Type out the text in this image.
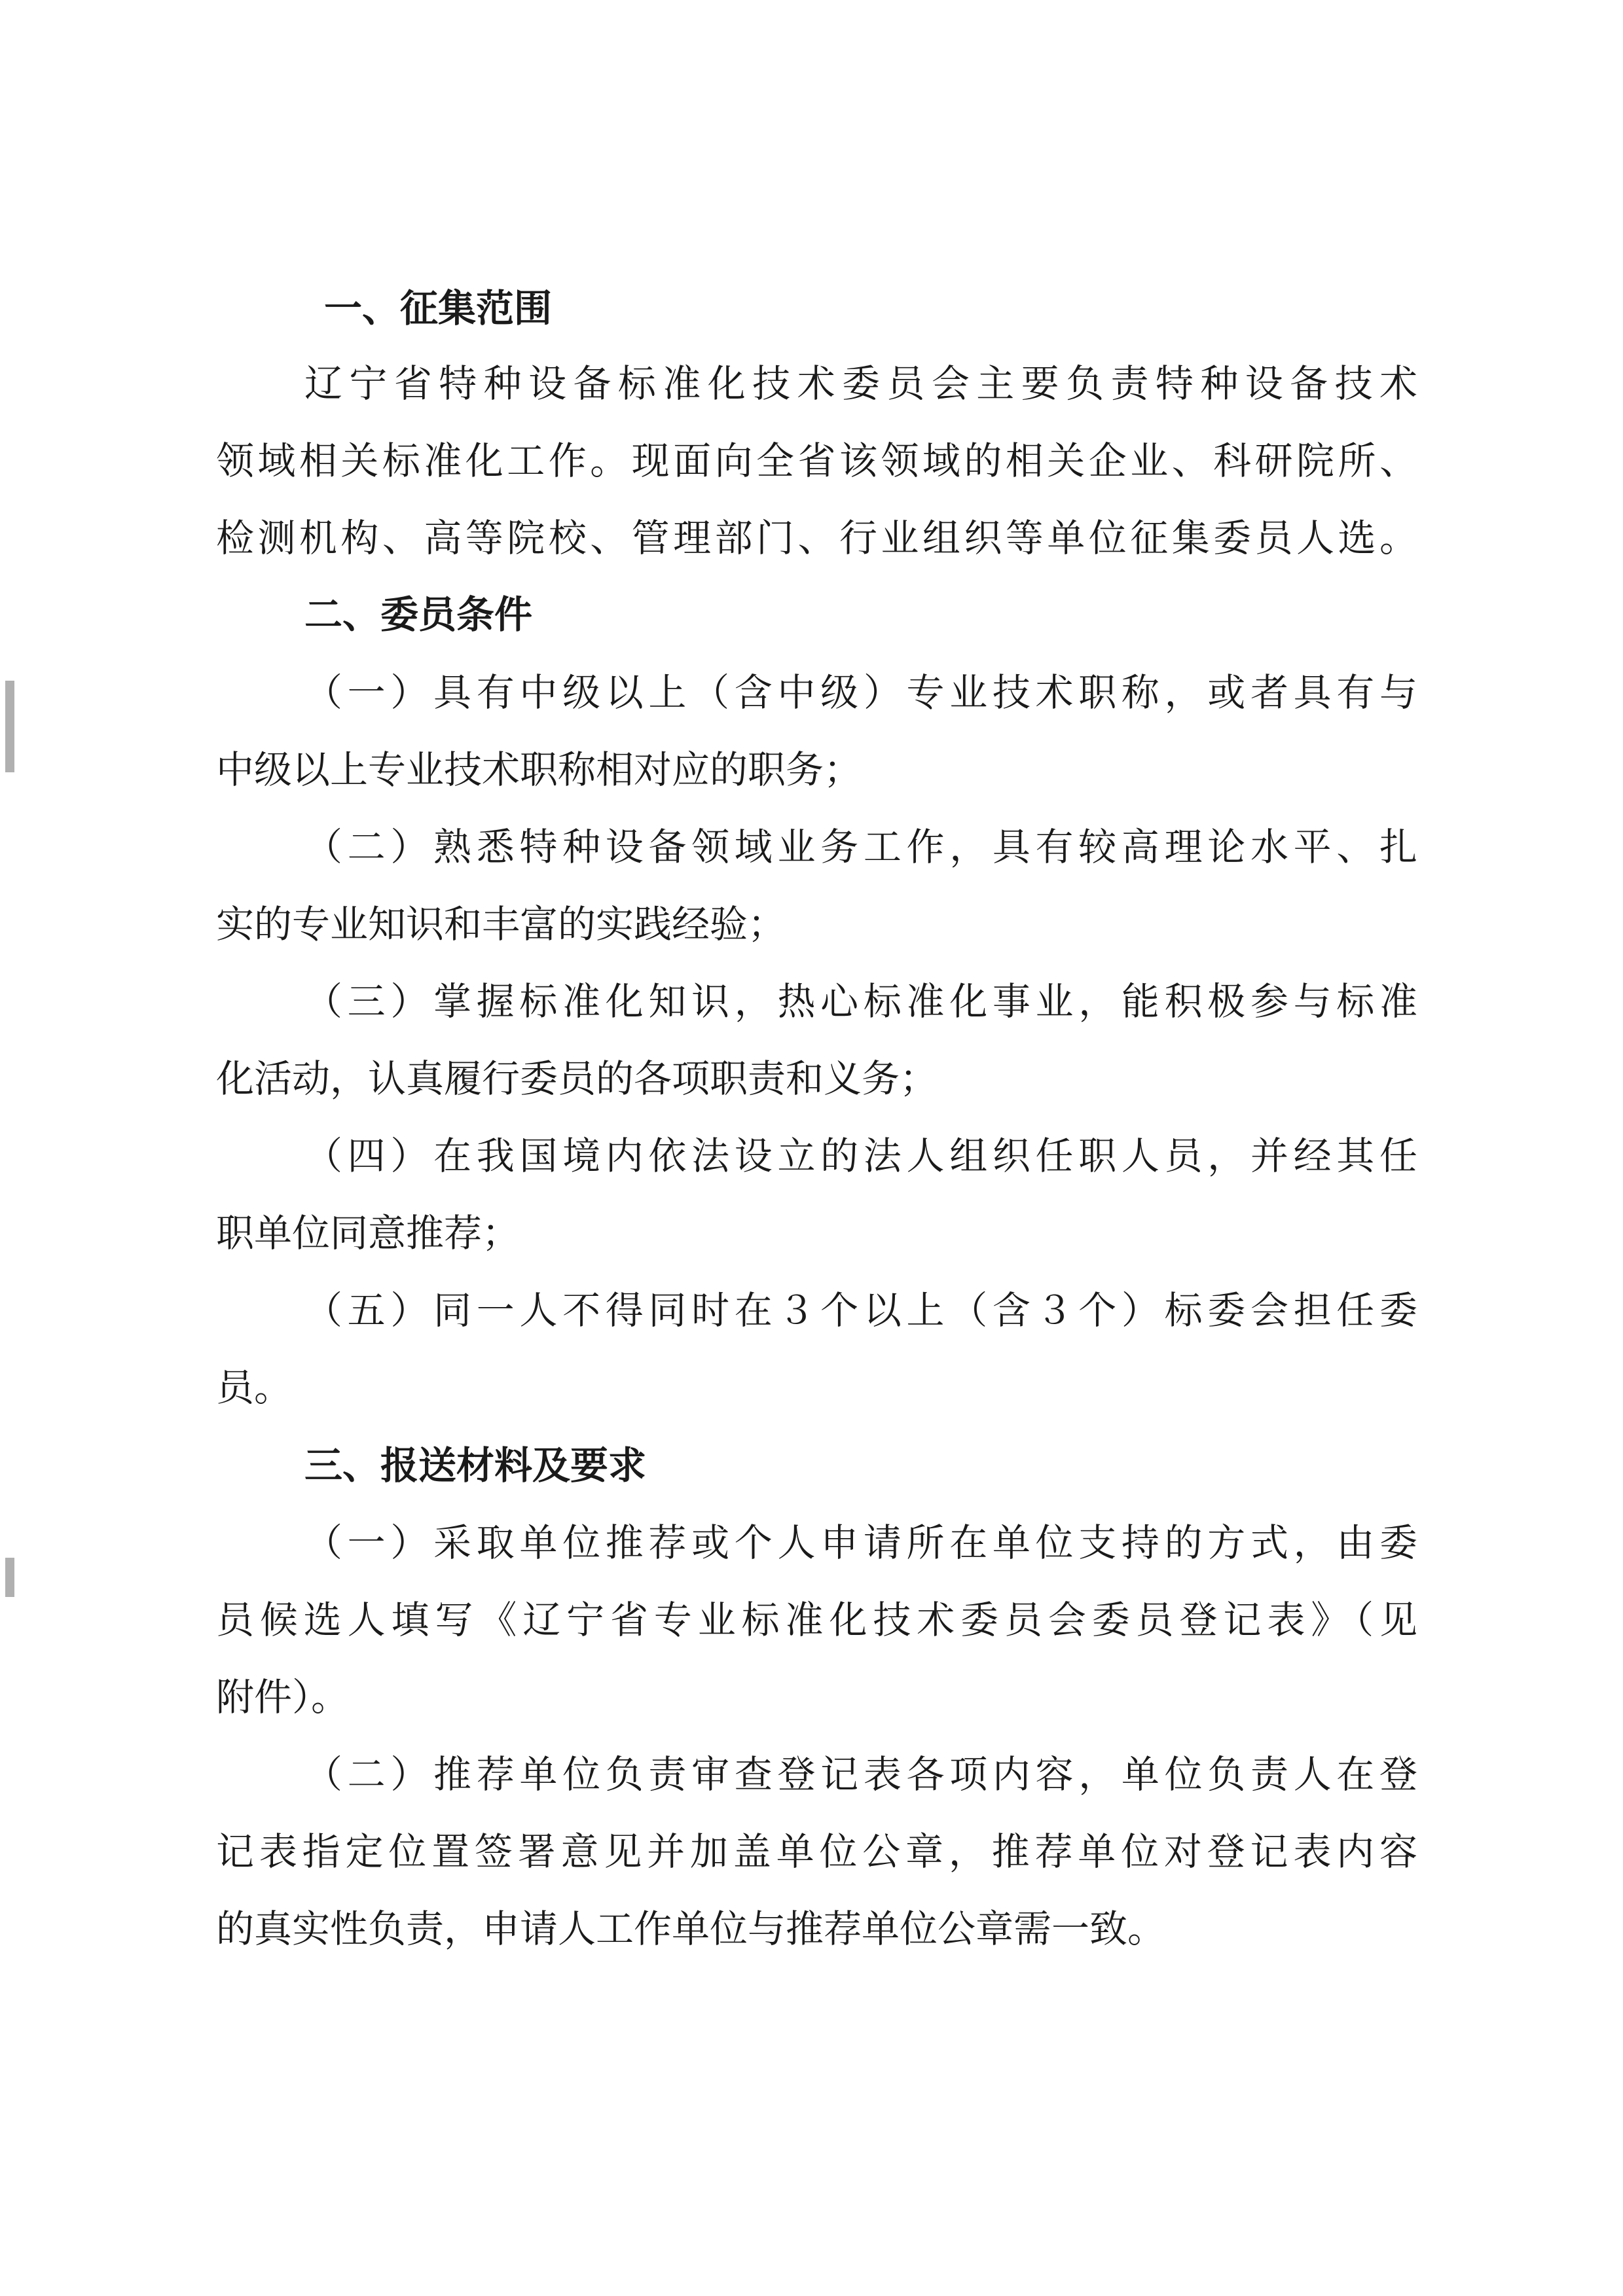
一、征集范围

辽宁省特种设备标准化技术委员会主要负责特种设备技术

领域相关标准化工作。现面向全省该领域的相关企业、科研院所、

检测机构、高等院校、管理部门、行业组织等单位征集委员人选。

二、委员条件

（一）具有中级以上（含中级）专业技术职称，或者具有与

中级以上专业技术职称相对应的职务；

（二）熟悉特种设备领域业务工作，具有较高理论水平、扎

实的专业知识和丰富的实践经验；

（三）掌握标准化知识，热心标准化事业，能积极参与标准

化活动，认真履行委员的各项职责和义务；

（四）在我国境内依法设立的法人组织任职人员，并经其任

职单位同意推荐；

（五）同一人不得同时在３个以上（含３个）标委会担任委

员。

三、报送材料及要求

（一）采取单位推荐或个人申请所在单位支持的方式，由委

员候选人填写《辽宁省专业标准化技术委员会委员登记表》（见

附件）。

（二）推荐单位负责审查登记表各项内容，单位负责人在登

记表指定位置签署意见并加盖单位公章，推荐单位对登记表内容

的真实性负责，申请人工作单位与推荐单位公章需一致。
